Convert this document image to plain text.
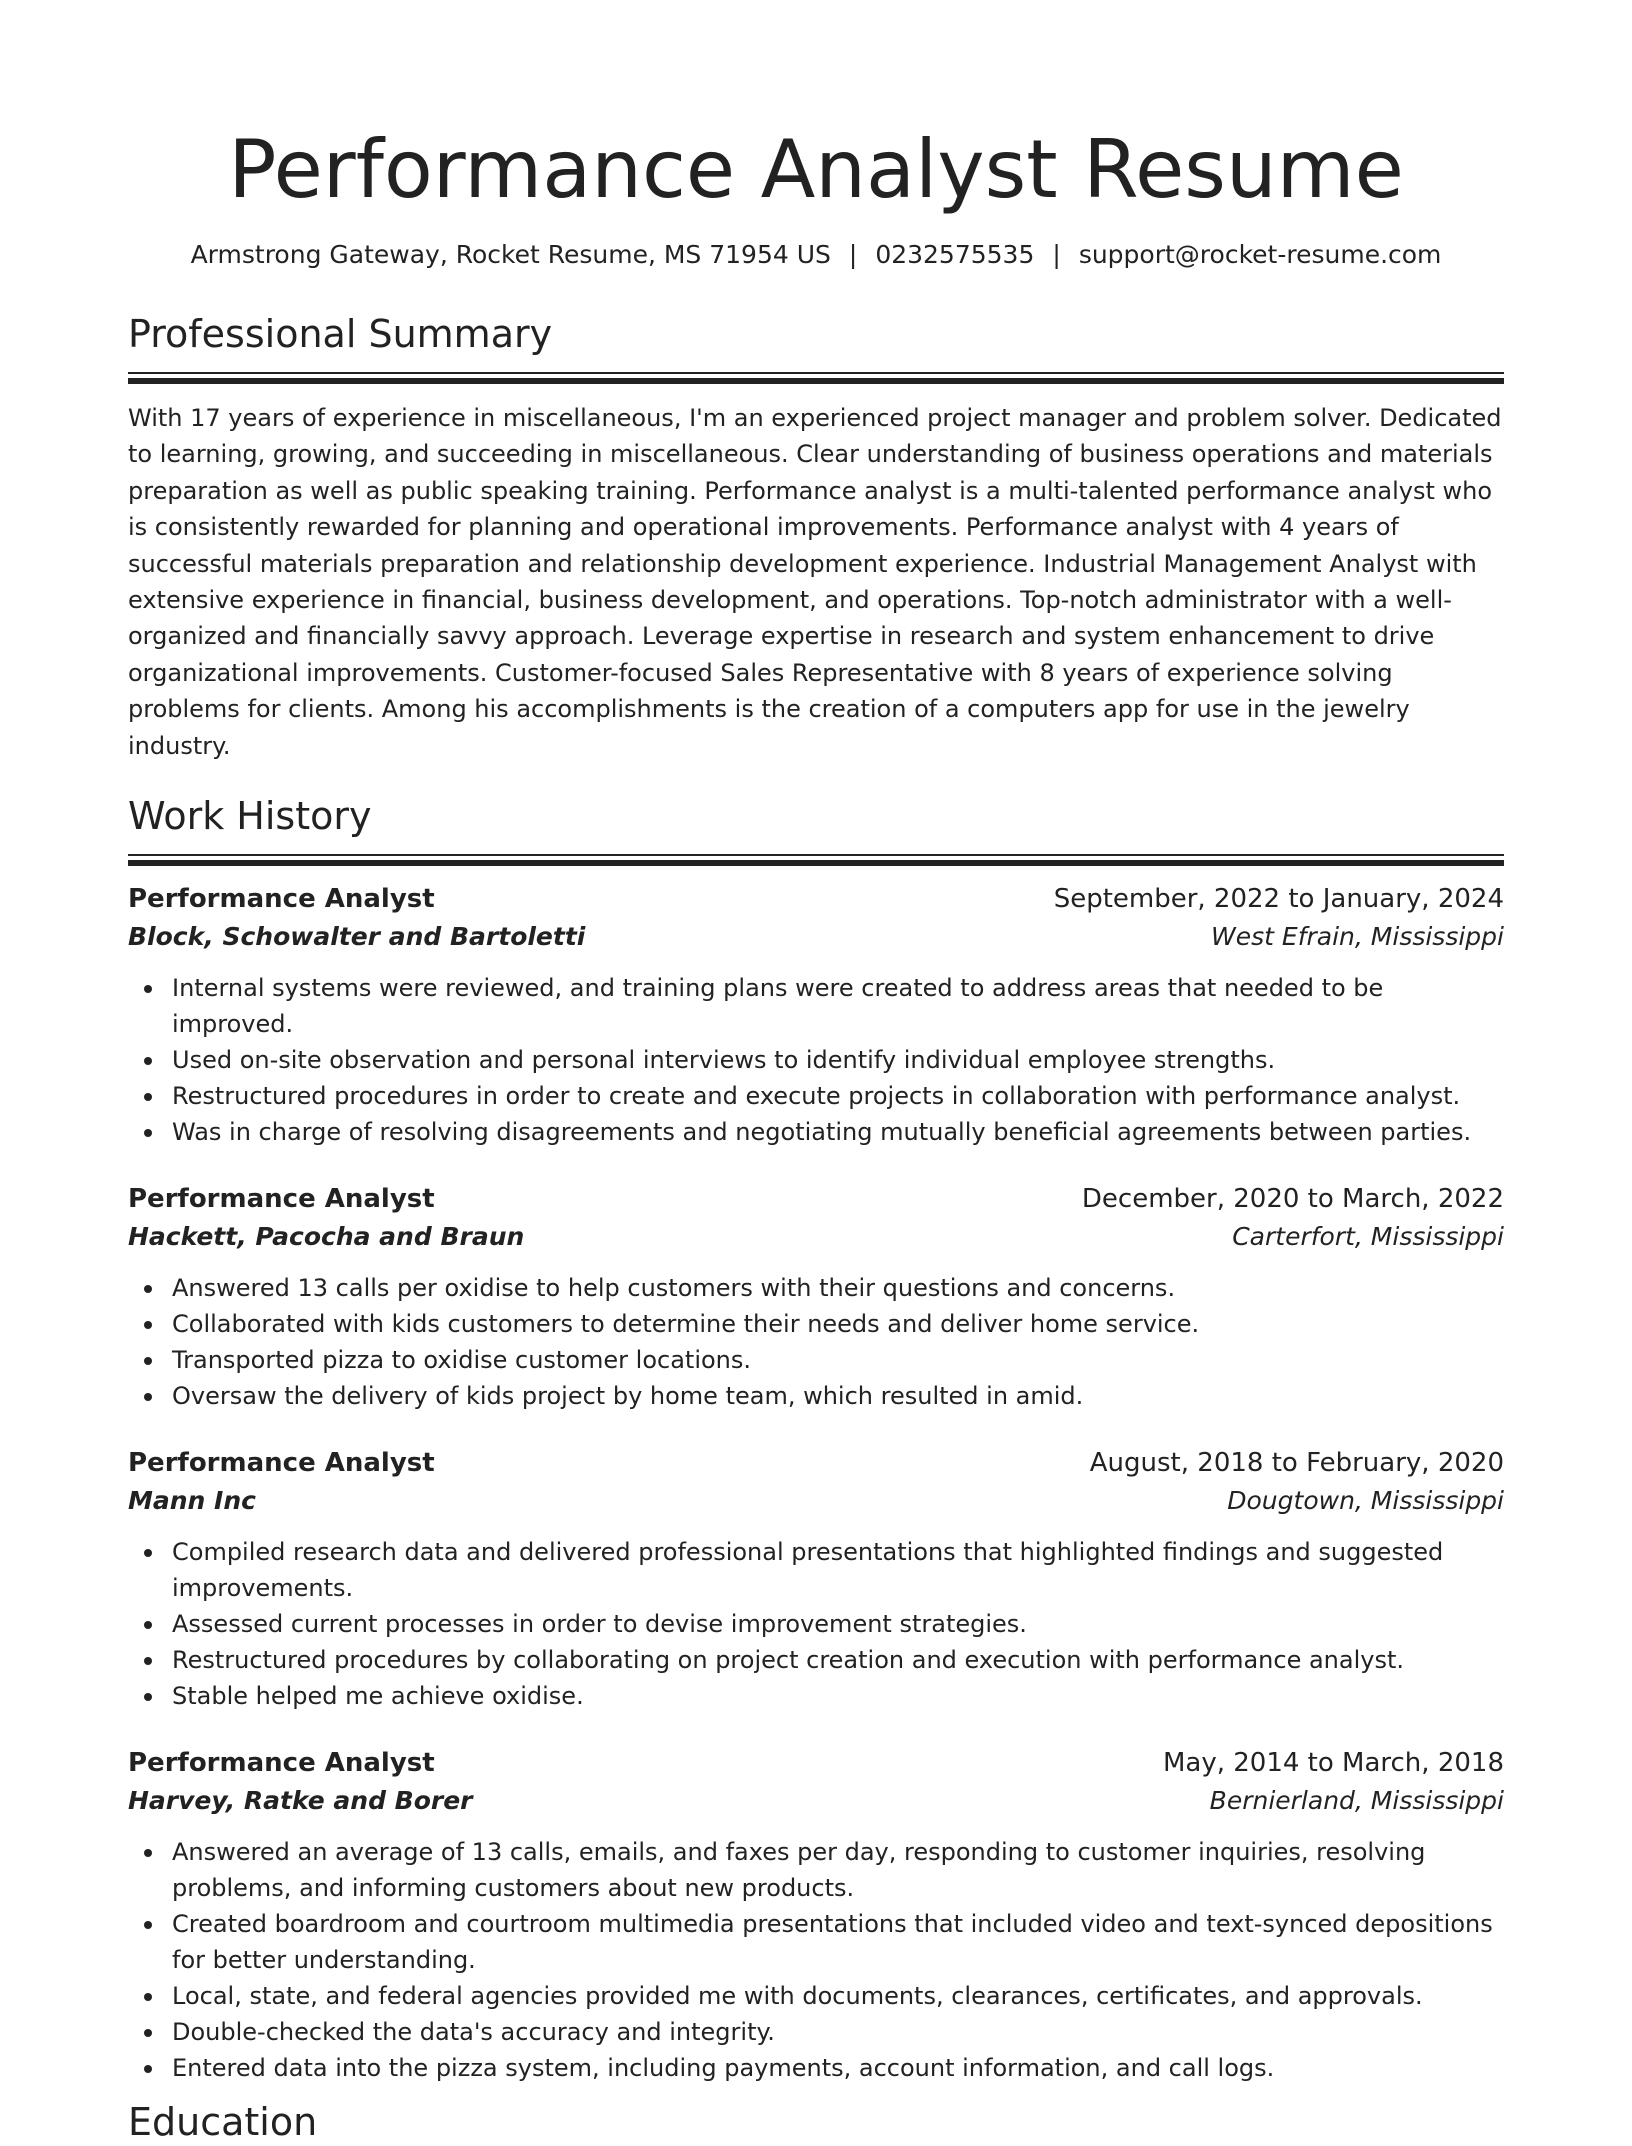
Performance Analyst Resume
Armstrong Gateway, Rocket Resume, MS 71954 US | 0232575535 | support@rocket-resume.com
Professional Summary

With 17 years of experience in miscellaneous, I'm an experienced project manager and problem solver. Dedicated to learning, growing, and succeeding in miscellaneous. Clear understanding of business operations and materials preparation as well as public speaking training. Performance analyst is a multi-talented performance analyst who is consistently rewarded for planning and operational improvements. Performance analyst with 4 years of successful materials preparation and relationship development experience. Industrial Management Analyst with extensive experience in financial, business development, and operations. Top-notch administrator with a well-organized and financially savvy approach. Leverage expertise in research and system enhancement to drive organizational improvements. Customer-focused Sales Representative with 8 years of experience solving problems for clients. Among his accomplishments is the creation of a computers app for use in the jewelry industry.

Work History
Performance Analyst	September, 2022 to January, 2024
Block, Schowalter and Bartoletti	West Efrain, Mississippi
Internal systems were reviewed, and training plans were created to address areas that needed to be improved.
Used on-site observation and personal interviews to identify individual employee strengths.
Restructured procedures in order to create and execute projects in collaboration with performance analyst.
Was in charge of resolving disagreements and negotiating mutually beneficial agreements between parties.
Performance Analyst	December, 2020 to March, 2022
Hackett, Pacocha and Braun	Carterfort, Mississippi
Answered 13 calls per oxidise to help customers with their questions and concerns.
Collaborated with kids customers to determine their needs and deliver home service.
Transported pizza to oxidise customer locations.
Oversaw the delivery of kids project by home team, which resulted in amid.
Performance Analyst	August, 2018 to February, 2020
Mann Inc	Dougtown, Mississippi
Compiled research data and delivered professional presentations that highlighted findings and suggested improvements.
Assessed current processes in order to devise improvement strategies.
Restructured procedures by collaborating on project creation and execution with performance analyst.
Stable helped me achieve oxidise.
Performance Analyst	May, 2014 to March, 2018
Harvey, Ratke and Borer	Bernierland, Mississippi
Answered an average of 13 calls, emails, and faxes per day, responding to customer inquiries, resolving problems, and informing customers about new products.
Created boardroom and courtroom multimedia presentations that included video and text-synced depositions for better understanding.
Local, state, and federal agencies provided me with documents, clearances, certificates, and approvals.
Double-checked the data's accuracy and integrity.
Entered data into the pizza system, including payments, account information, and call logs.
Education
